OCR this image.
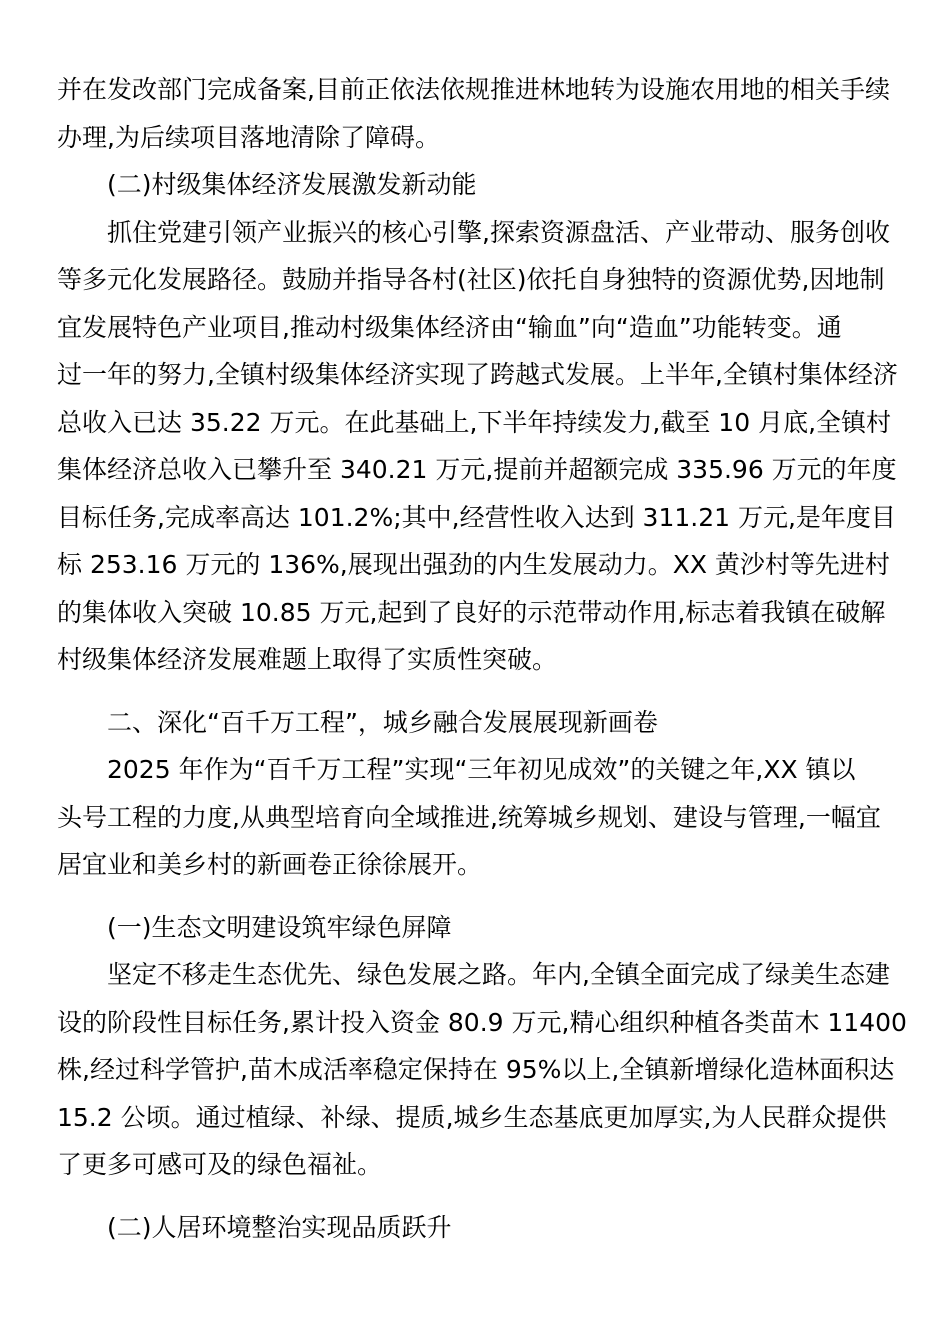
并在发改部门完成备案,目前正依法依规推进林地转为设施农用地的相关手续
办理,为后续项目落地清除了障碍。
(二)村级集体经济发展激发新动能
抓住党建引领产业振兴的核心引擎,探索资源盘活、产业带动、服务创收
等多元化发展路径。鼓励并指导各村(社区)依托自身独特的资源优势,因地制
宜发展特色产业项目,推动村级集体经济由“输血”向“造血”功能转变。通
过一年的努力,全镇村级集体经济实现了跨越式发展。上半年,全镇村集体经济
总收入已达 35.22 万元。在此基础上,下半年持续发力,截至 10 月底,全镇村
集体经济总收入已攀升至 340.21 万元,提前并超额完成 335.96 万元的年度
目标任务,完成率高达 101.2%;其中,经营性收入达到 311.21 万元,是年度目
标 253.16 万元的 136%,展现出强劲的内生发展动力。XX 黄沙村等先进村
的集体收入突破 10.85 万元,起到了良好的示范带动作用,标志着我镇在破解
村级集体经济发展难题上取得了实质性突破。
二、深化“百千万工程”，城乡融合发展展现新画卷
2025 年作为“百千万工程”实现“三年初见成效”的关键之年,XX 镇以
头号工程的力度,从典型培育向全域推进,统筹城乡规划、建设与管理,一幅宜
居宜业和美乡村的新画卷正徐徐展开。
(一)生态文明建设筑牢绿色屏障
坚定不移走生态优先、绿色发展之路。年内,全镇全面完成了绿美生态建
设的阶段性目标任务,累计投入资金 80.9 万元,精心组织种植各类苗木 11400
株,经过科学管护,苗木成活率稳定保持在 95%以上,全镇新增绿化造林面积达
15.2 公顷。通过植绿、补绿、提质,城乡生态基底更加厚实,为人民群众提供
了更多可感可及的绿色福祉。
(二)人居环境整治实现品质跃升
